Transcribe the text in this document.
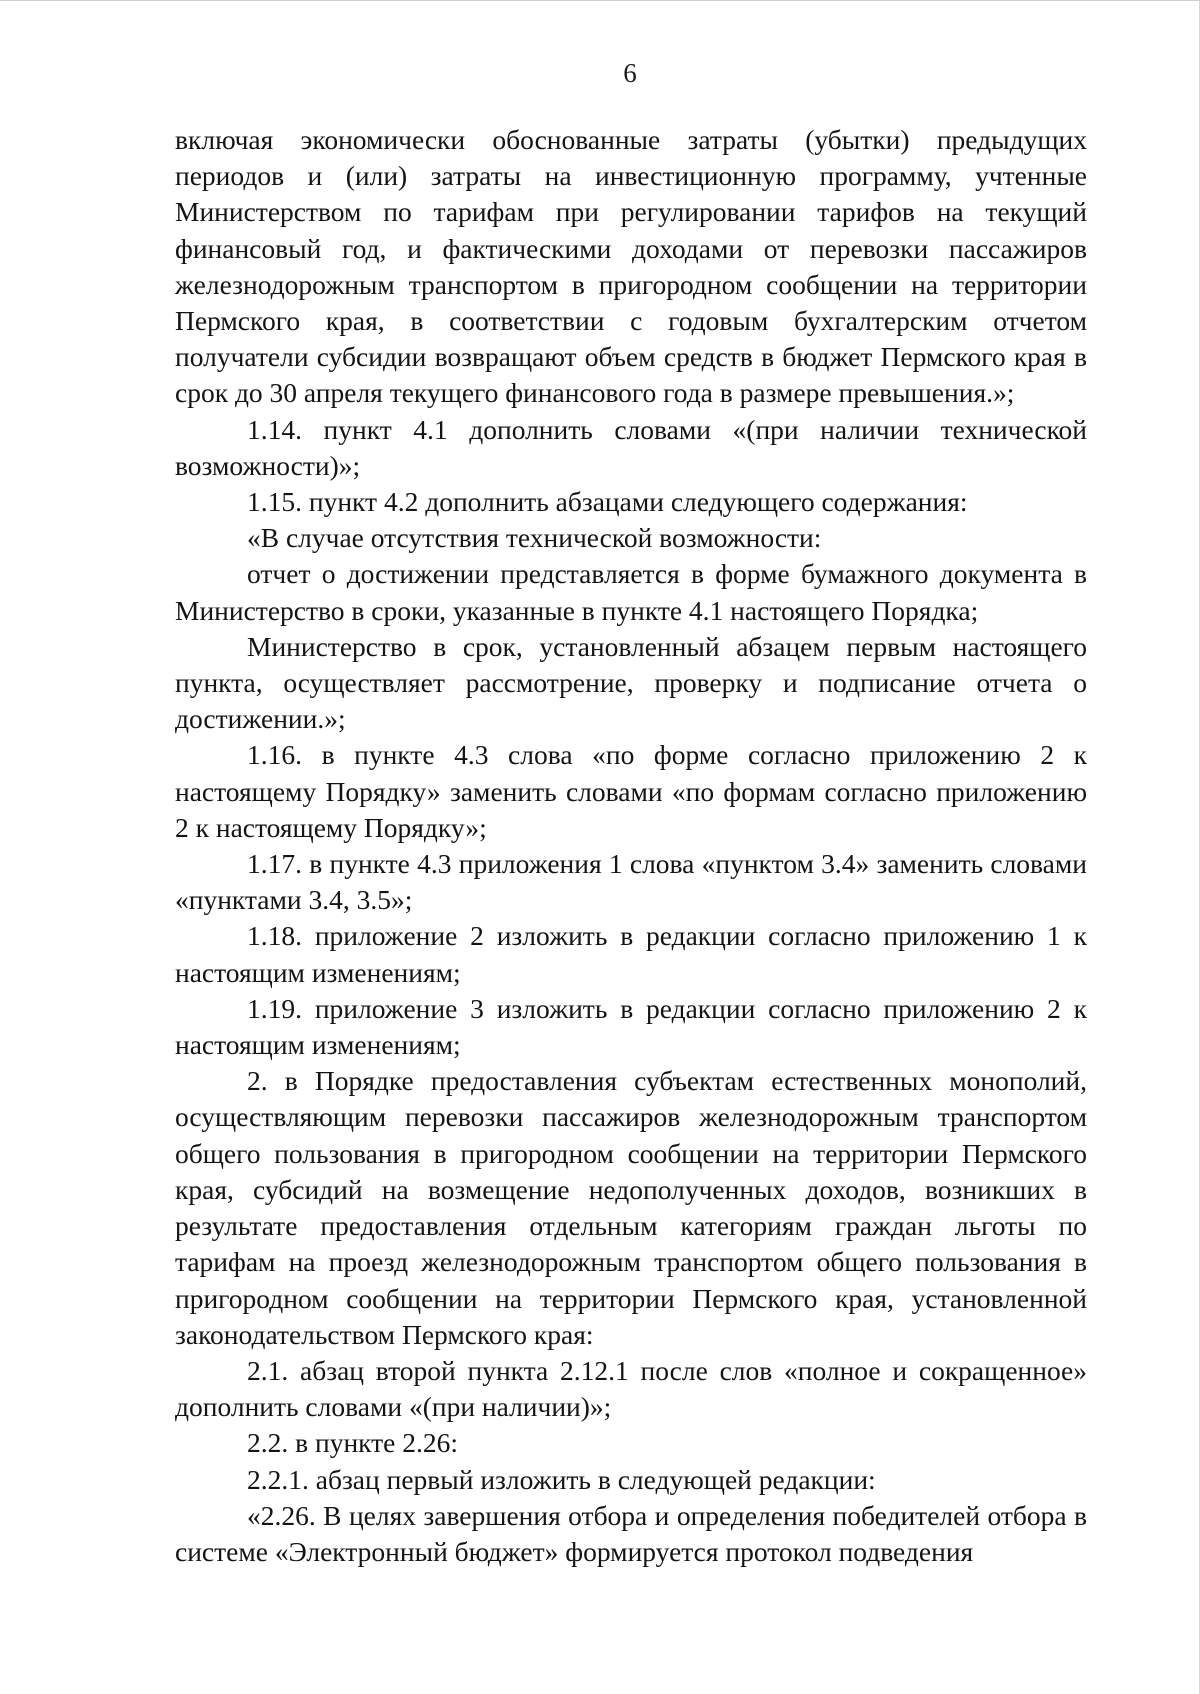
6

включая экономически обоснованные затраты (убытки) предыдущих периодов и (или) затраты на инвестиционную программу, учтенные Министерством по тарифам при регулировании тарифов на текущий финансовый год, и фактическими доходами от перевозки пассажиров железнодорожным транспортом в пригородном сообщении на территории Пермского края, в соответствии с годовым бухгалтерским отчетом получатели субсидии возвращают объем средств в бюджет Пермского края в срок до 30 апреля текущего финансового года в размере превышения.»;

1.14. пункт 4.1 дополнить словами «(при наличии технической возможности)»;

1.15. пункт 4.2 дополнить абзацами следующего содержания:

«В случае отсутствия технической возможности:

отчет о достижении представляется в форме бумажного документа в Министерство в сроки, указанные в пункте 4.1 настоящего Порядка;

Министерство в срок, установленный абзацем первым настоящего пункта, осуществляет рассмотрение, проверку и подписание отчета о достижении.»;

1.16. в пункте 4.3 слова «по форме согласно приложению 2 к настоящему Порядку» заменить словами «по формам согласно приложению 2 к настоящему Порядку»;

1.17. в пункте 4.3 приложения 1 слова «пунктом 3.4» заменить словами «пунктами 3.4, 3.5»;

1.18. приложение 2 изложить в редакции согласно приложению 1 к настоящим изменениям;

1.19. приложение 3 изложить в редакции согласно приложению 2 к настоящим изменениям;

2. в Порядке предоставления субъектам естественных монополий, осуществляющим перевозки пассажиров железнодорожным транспортом общего пользования в пригородном сообщении на территории Пермского края, субсидий на возмещение недополученных доходов, возникших в результате предоставления отдельным категориям граждан льготы по тарифам на проезд железнодорожным транспортом общего пользования в пригородном сообщении на территории Пермского края, установленной законодательством Пермского края:

2.1. абзац второй пункта 2.12.1 после слов «полное и сокращенное» дополнить словами «(при наличии)»;

2.2. в пункте 2.26:

2.2.1. абзац первый изложить в следующей редакции:

«2.26. В целях завершения отбора и определения победителей отбора в системе «Электронный бюджет» формируется протокол подведения
